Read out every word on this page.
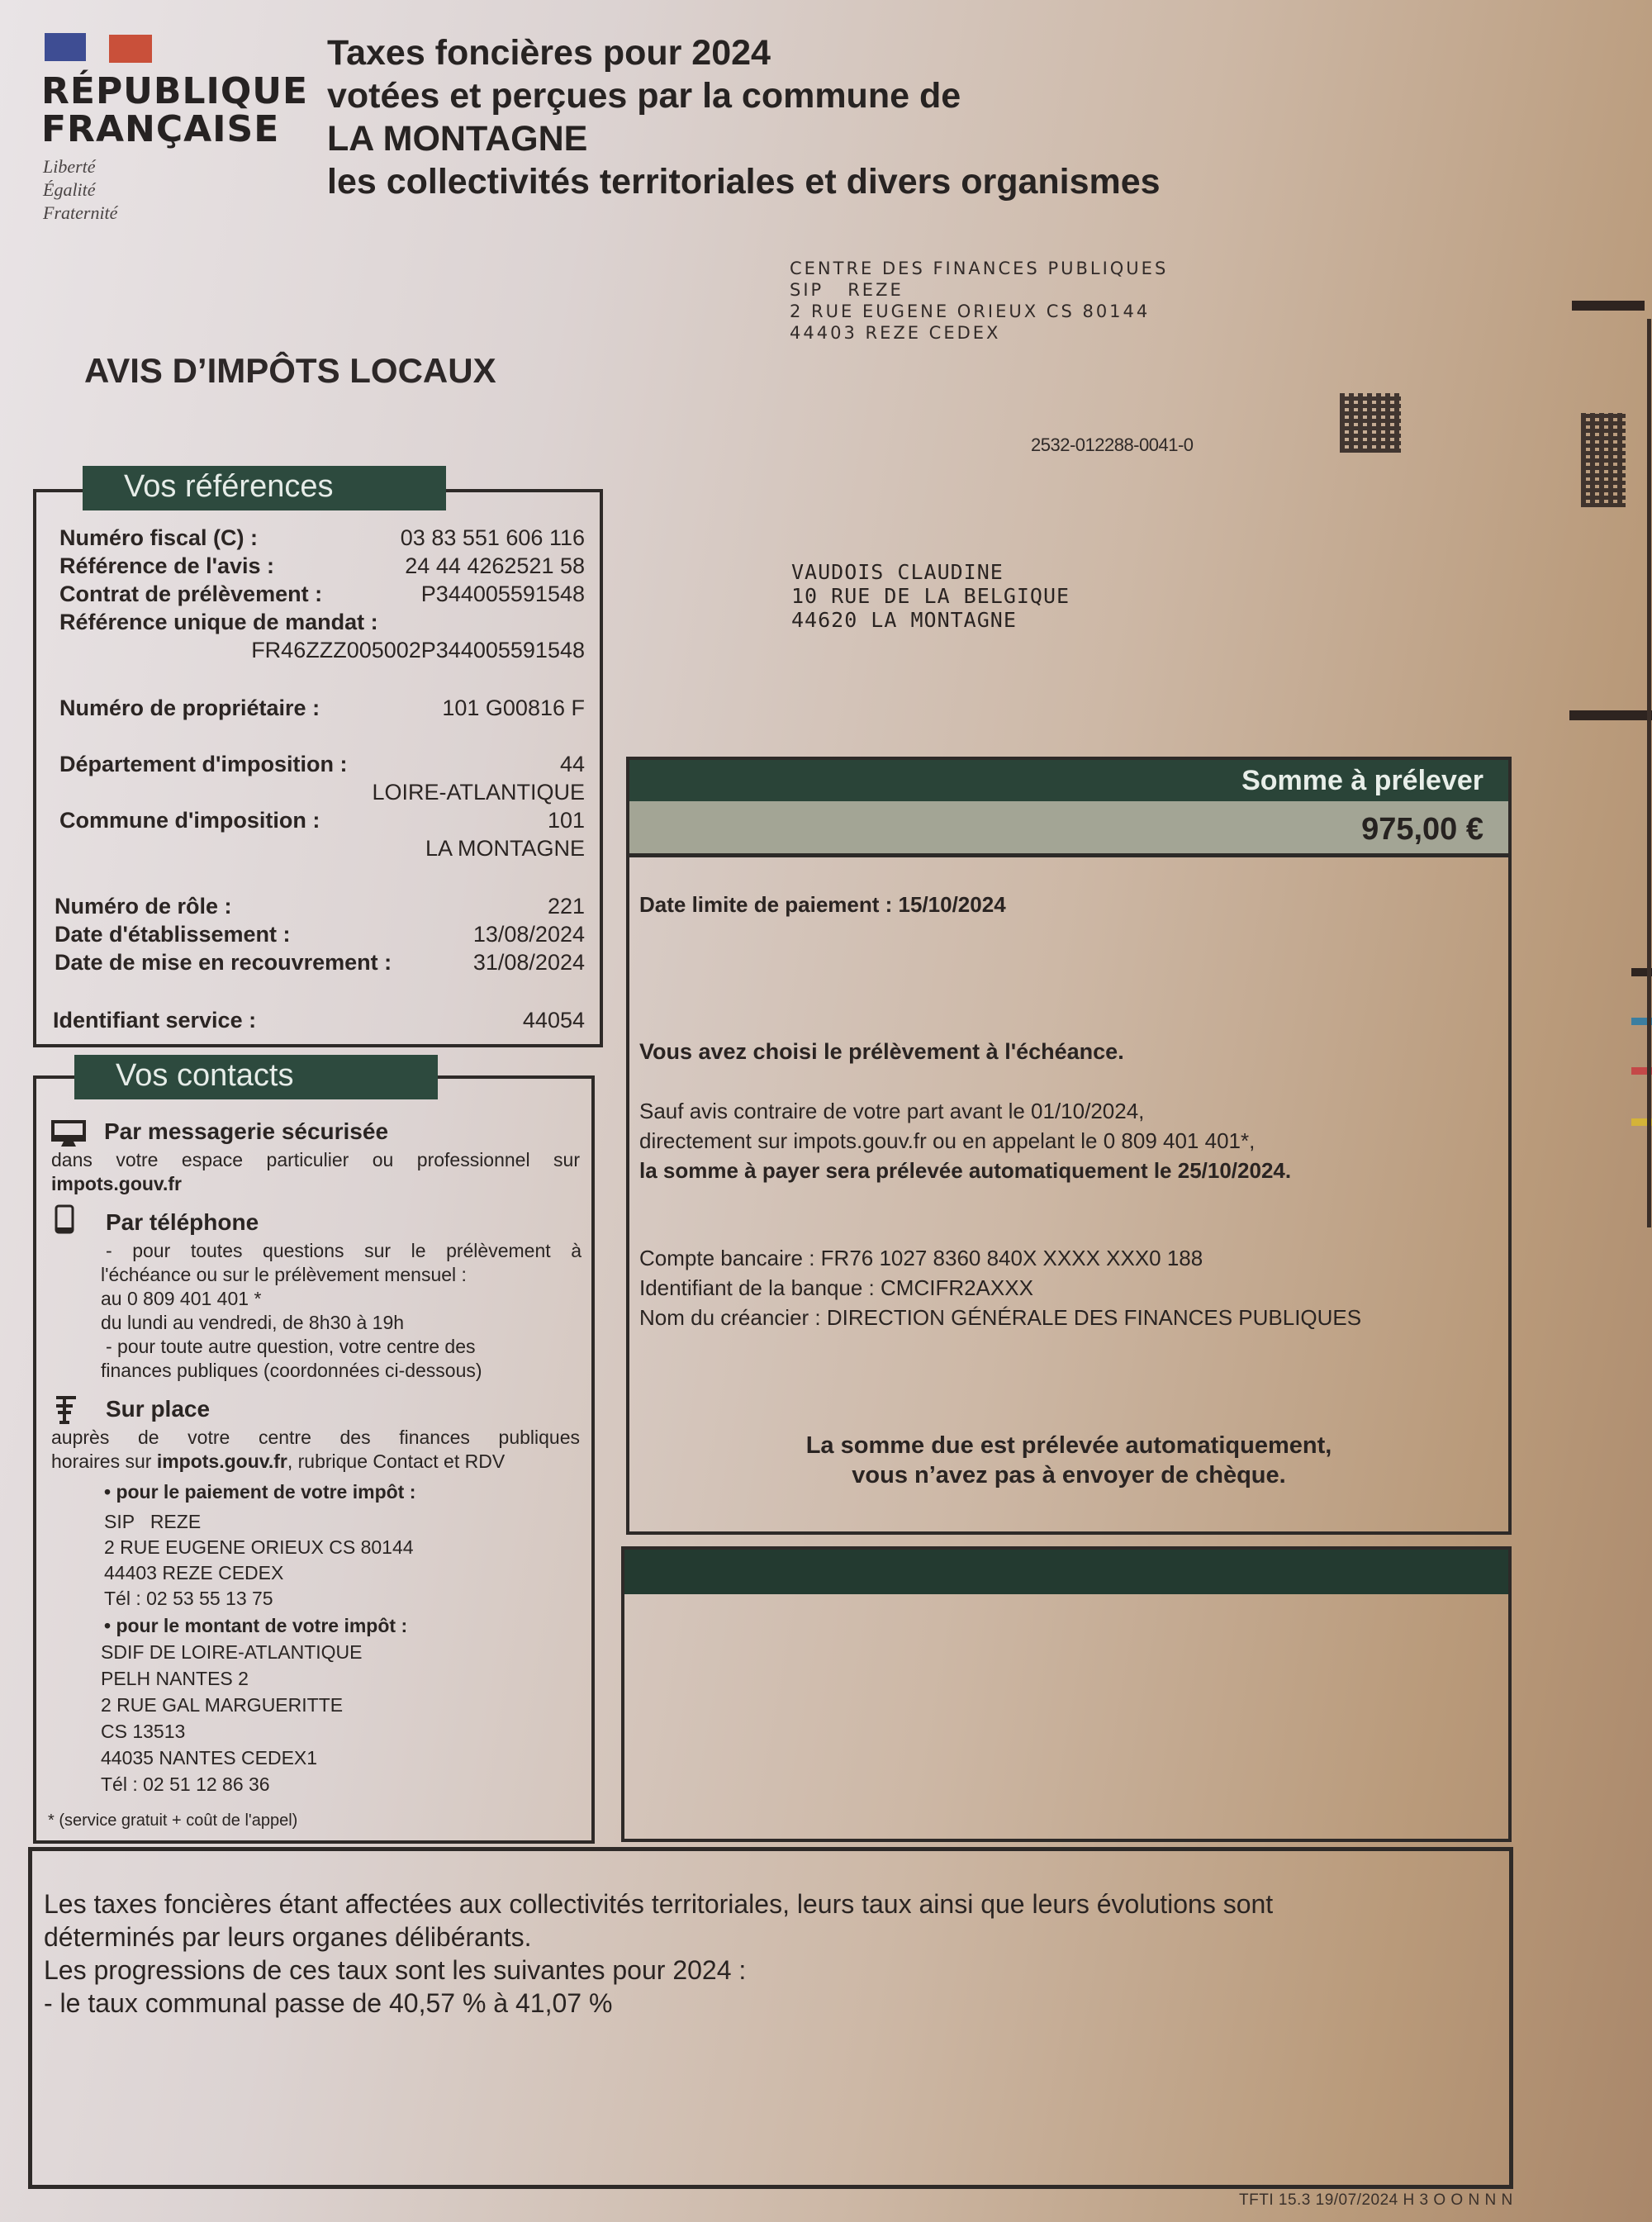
RÉPUBLIQUE
FRANÇAISE
Liberté
Égalité
Fraternité
Taxes foncières pour 2024
votées et perçues par la commune de
LA MONTAGNE
les collectivités territoriales et divers organismes
CENTRE DES FINANCES PUBLIQUES
SIP   REZE
2 RUE EUGENE ORIEUX CS 80144
44403 REZE CEDEX
AVIS D’IMPÔTS LOCAUX
2532-012288-0041-0
VAUDOIS CLAUDINE
10 RUE DE LA BELGIQUE
44620 LA MONTAGNE
Numéro fiscal (C) :	03 83 551 606 116
Référence de l'avis :	24 44 4262521 58
Contrat de prélèvement :	P344005591548
Référence unique de mandat :
FR46ZZZ005002P344005591548
Numéro de propriétaire :	101 G00816 F
Département d'imposition :	44
LOIRE-ATLANTIQUE
Commune d'imposition :	101
LA MONTAGNE
Numéro de rôle :	221
Date d'établissement :	13/08/2024
Date de mise en recouvrement :	31/08/2024
Identifiant service :	44054
Vos références
Par messagerie sécurisée
dans votre espace particulier ou professionnel sur
impots.gouv.fr
Par téléphone
- pour toutes questions sur le prélèvement à
l'échéance ou sur le prélèvement mensuel :
au 0 809 401 401 *
du lundi au vendredi, de 8h30 à 19h
- pour toute autre question, votre centre des
finances publiques (coordonnées ci-dessous)
Sur place
auprès de votre centre des finances publiques
horaires sur impots.gouv.fr, rubrique Contact et RDV
• pour le paiement de votre impôt :
SIP   REZE
2 RUE EUGENE ORIEUX CS 80144
44403 REZE CEDEX
Tél : 02 53 55 13 75
• pour le montant de votre impôt :
SDIF DE LOIRE-ATLANTIQUE
PELH NANTES 2
2 RUE GAL MARGUERITTE
CS 13513
44035 NANTES CEDEX1
Tél : 02 51 12 86 36
* (service gratuit + coût de l'appel)
Vos contacts
Somme à prélever
975,00 €
Date limite de paiement : 15/10/2024
Vous avez choisi le prélèvement à l'échéance.
Sauf avis contraire de votre part avant le 01/10/2024,
directement sur impots.gouv.fr ou en appelant le 0 809 401 401*,
la somme à payer sera prélevée automatiquement le 25/10/2024.
Compte bancaire : FR76 1027 8360 840X XXXX XXX0 188
Identifiant de la banque : CMCIFR2AXXX
Nom du créancier : DIRECTION GÉNÉRALE DES FINANCES PUBLIQUES
La somme due est prélevée automatiquement,
vous n’avez pas à envoyer de chèque.
Les taxes foncières étant affectées aux collectivités territoriales, leurs taux ainsi que leurs évolutions sont
déterminés par leurs organes délibérants.
Les progressions de ces taux sont les suivantes pour 2024 :
- le taux communal passe de 40,57 % à 41,07 %
TFTI 15.3 19/07/2024 H 3 O O N N N
